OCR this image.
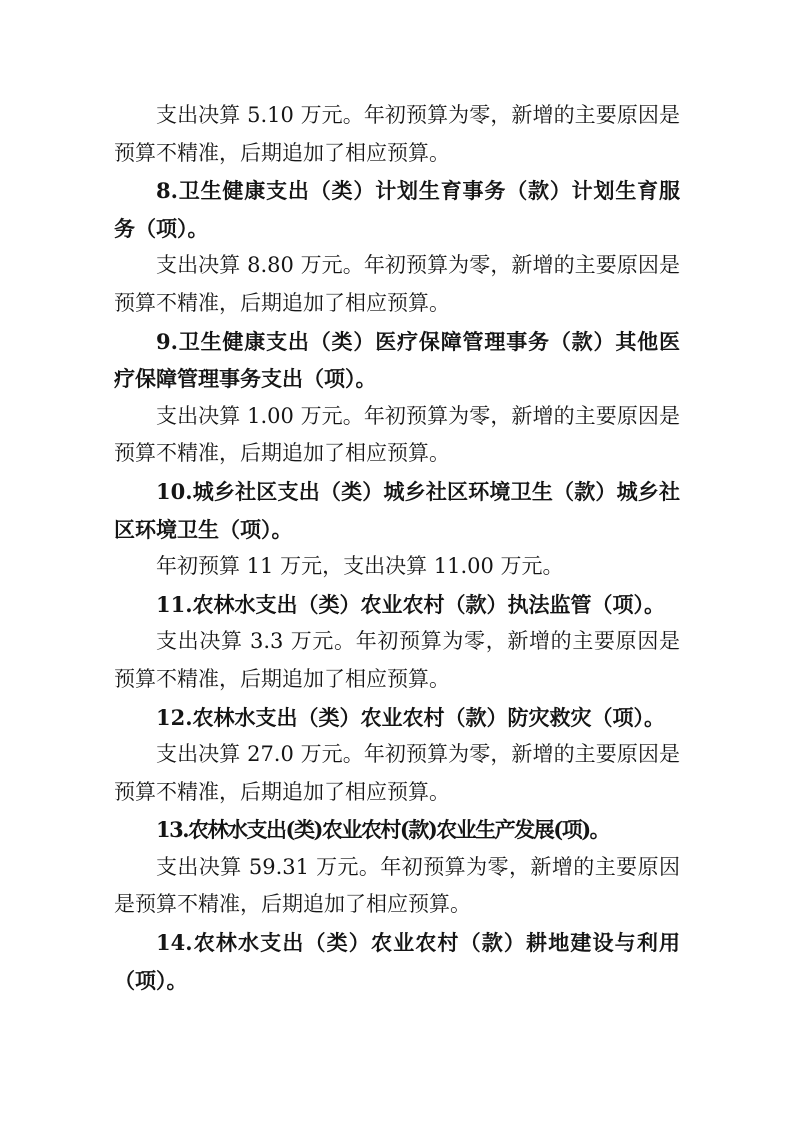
支出决算 5.10 万元。年初预算为零，新增的主要原因是预算不精准，后期追加了相应预算。

8.卫生健康支出（类）计划生育事务（款）计划生育服务（项）。

支出决算 8.80 万元。年初预算为零，新增的主要原因是预算不精准，后期追加了相应预算。

9.卫生健康支出（类）医疗保障管理事务（款）其他医疗保障管理事务支出（项）。

支出决算 1.00 万元。年初预算为零，新增的主要原因是预算不精准，后期追加了相应预算。

10.城乡社区支出（类）城乡社区环境卫生（款）城乡社区环境卫生（项）。

年初预算 11 万元，支出决算 11.00 万元。

11.农林水支出（类）农业农村（款）执法监管（项）。

支出决算 3.3 万元。年初预算为零，新增的主要原因是预算不精准，后期追加了相应预算。

12.农林水支出（类）农业农村（款）防灾救灾（项）。

支出决算 27.0 万元。年初预算为零，新增的主要原因是预算不精准，后期追加了相应预算。

13.农林水支出(类)农业农村(款)农业生产发展(项)。

支出决算 59.31 万元。年初预算为零，新增的主要原因是预算不精准，后期追加了相应预算。

14.农林水支出（类）农业农村（款）耕地建设与利用（项）。
